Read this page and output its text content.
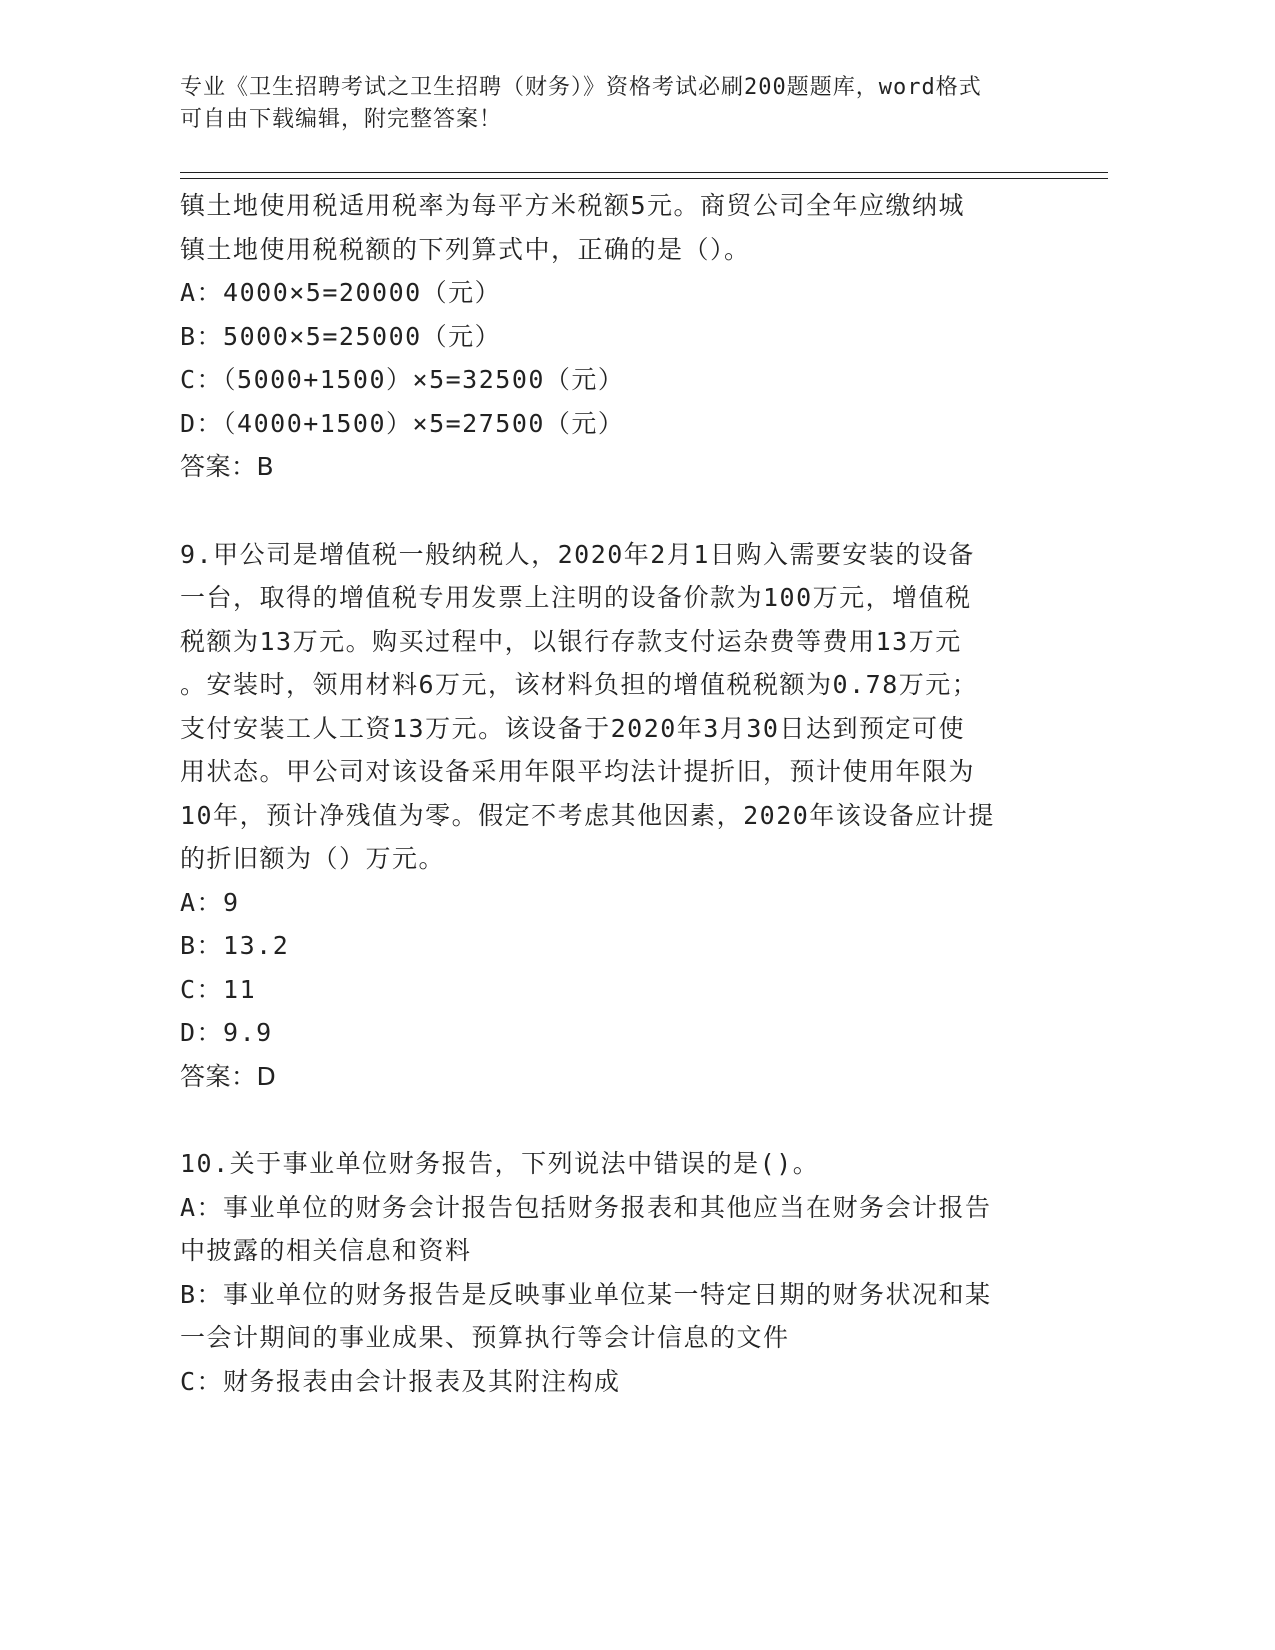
专业《卫生招聘考试之卫生招聘（财务）》资格考试必刷200题题库，word格式
可自由下载编辑，附完整答案！
镇土地使用税适用税率为每平方米税额5元。商贸公司全年应缴纳城
镇土地使用税税额的下列算式中，正确的是（）。
A：4000×5=20000（元）
B：5000×5=25000（元）
C：（5000+1500）×5=32500（元）
D：（4000+1500）×5=27500（元）
答案：B
9.甲公司是增值税一般纳税人，2020年2月1日购入需要安装的设备
一台，取得的增值税专用发票上注明的设备价款为100万元，增值税
税额为13万元。购买过程中，以银行存款支付运杂费等费用13万元
。安装时，领用材料6万元，该材料负担的增值税税额为0.78万元；
支付安装工人工资13万元。该设备于2020年3月30日达到预定可使
用状态。甲公司对该设备采用年限平均法计提折旧，预计使用年限为
10年，预计净残值为零。假定不考虑其他因素，2020年该设备应计提
的折旧额为（）万元。
A：9
B：13.2
C：11
D：9.9
答案：D
10.关于事业单位财务报告，下列说法中错误的是()。
A：事业单位的财务会计报告包括财务报表和其他应当在财务会计报告
中披露的相关信息和资料
B：事业单位的财务报告是反映事业单位某一特定日期的财务状况和某
一会计期间的事业成果、预算执行等会计信息的文件
C：财务报表由会计报表及其附注构成
